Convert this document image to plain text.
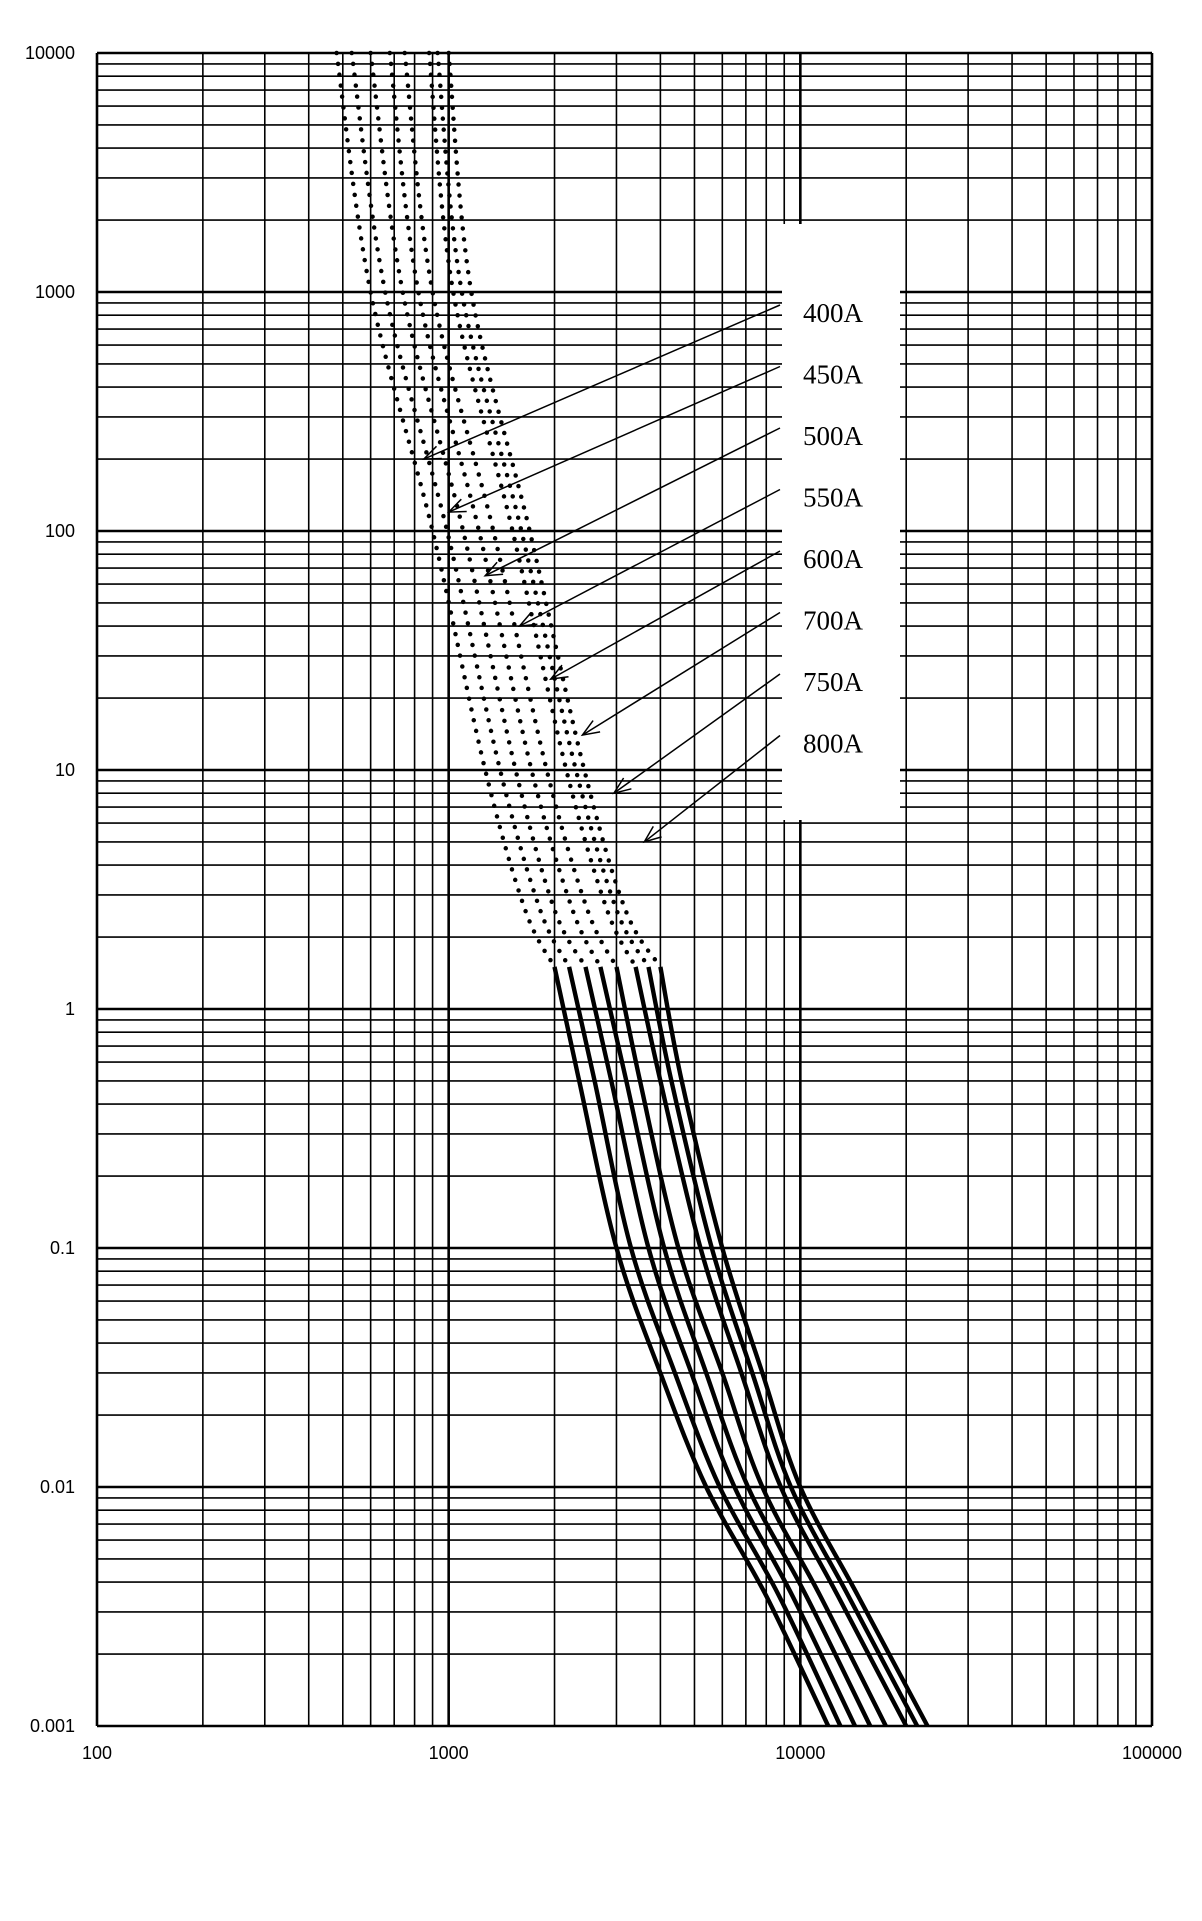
10000
1000
100
10
1
0.1
0.01
0.001
100	1000	10000	100000
400A
450A
500A
550A
600A
700A
750A
800A
